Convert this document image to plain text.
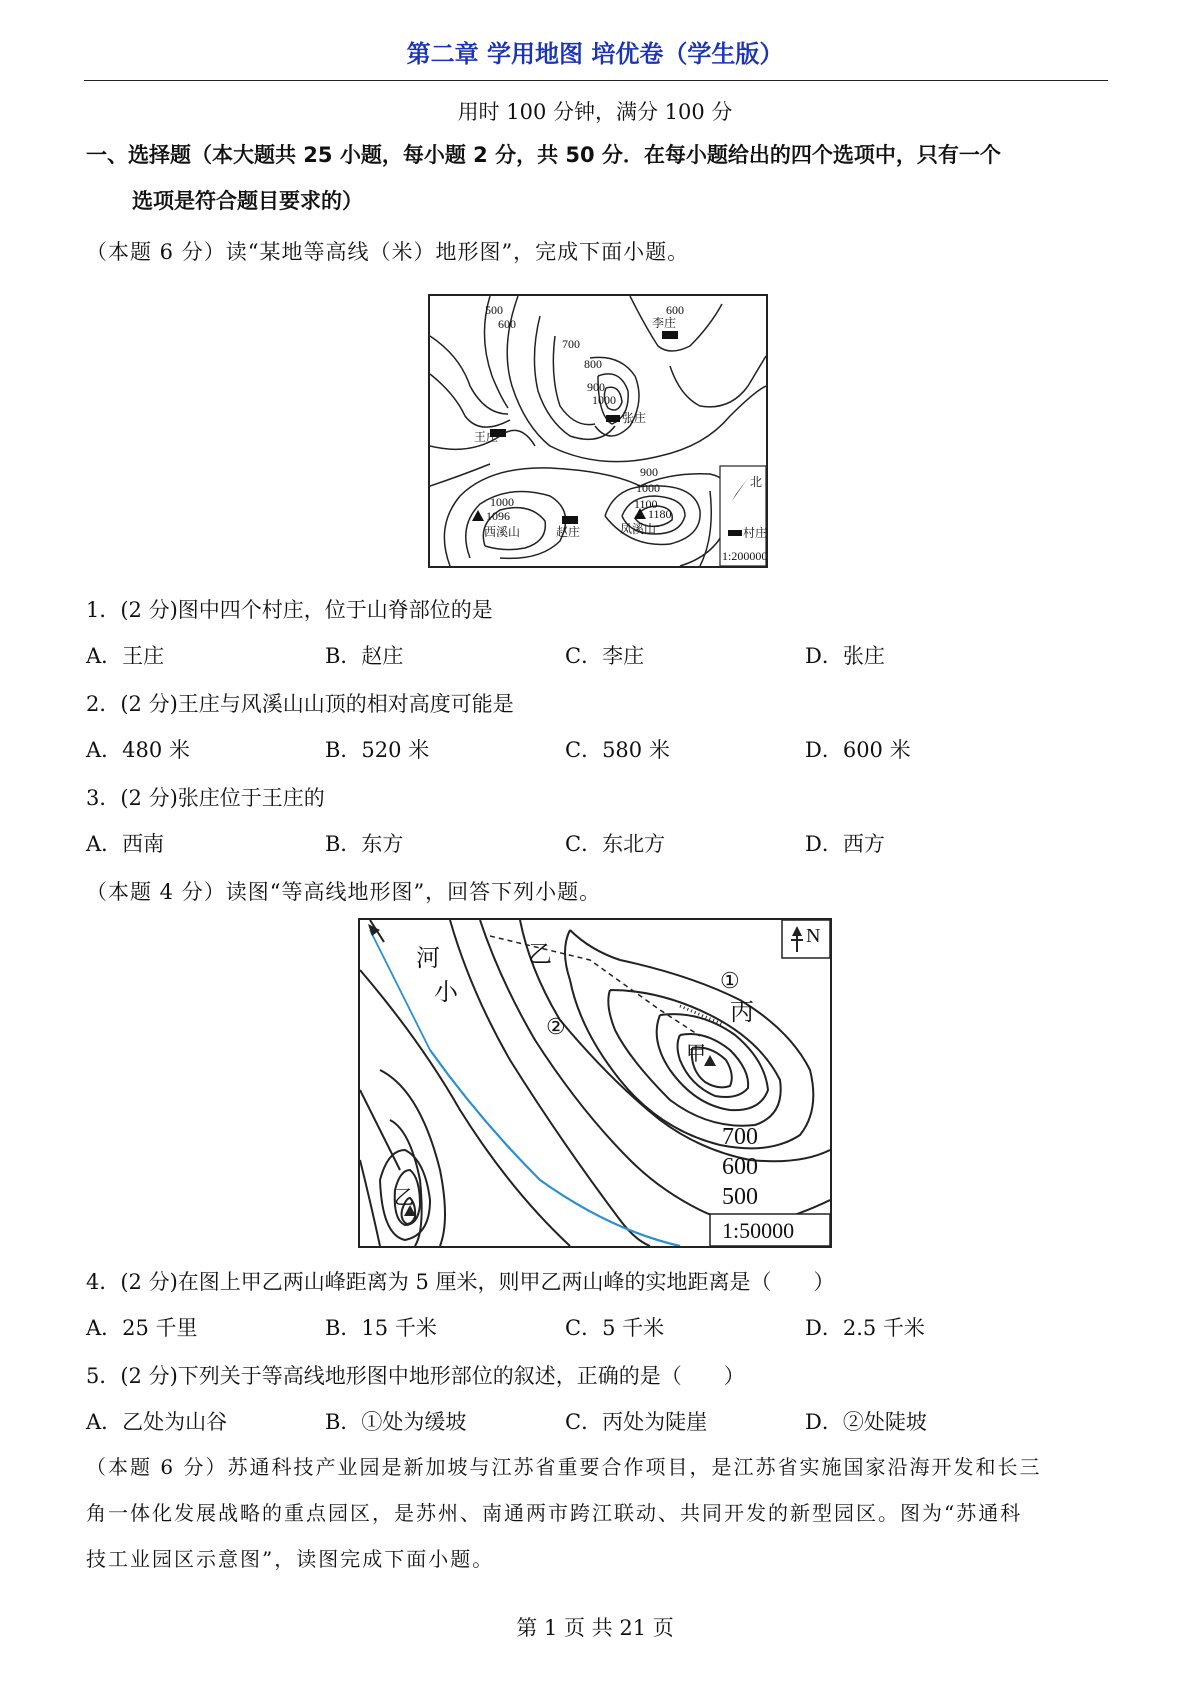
第二章 学用地图 培优卷（学生版）
用时 100 分钟，满分 100 分
一、选择题（本大题共 25 小题，每小题 2 分，共 50 分．在每小题给出的四个选项中，只有一个
选项是符合题目要求的）
（本题 6 分）读“某地等高线（米）地形图”，完成下面小题。
500
600
700
800
900
1000
600
900
1000
1100
1000
1096	1180
王庄
赵庄
李庄
张庄
西溪山	凤溪山
北
村庄
1:200000
1．(2 分)图中四个村庄，位于山脊部位的是
A．王庄	B．赵庄	C．李庄	D．张庄
2．(2 分)王庄与风溪山山顶的相对高度可能是
A．480 米	B．520 米	C．580 米	D．600 米
3．(2 分)张庄位于王庄的
A．西南	B．东方	C．东北方	D．西方
（本题 4 分）读图“等高线地形图”，回答下列小题。
河
小
乙
乙
甲
丙
①
②
700
600
500
N
1:50000
4．(2 分)在图上甲乙两山峰距离为 5 厘米，则甲乙两山峰的实地距离是（　　）
A．25 千里	B．15 千米	C．5 千米	D．2.5 千米
5．(2 分)下列关于等高线地形图中地形部位的叙述，正确的是（　　）
A．乙处为山谷	B．①处为缓坡	C．丙处为陡崖	D．②处陡坡
（本题 6 分）苏通科技产业园是新加坡与江苏省重要合作项目，是江苏省实施国家沿海开发和长三
角一体化发展战略的重点园区，是苏州、南通两市跨江联动、共同开发的新型园区。图为“苏通科
技工业园区示意图”，读图完成下面小题。
第 1 页 共 21 页
